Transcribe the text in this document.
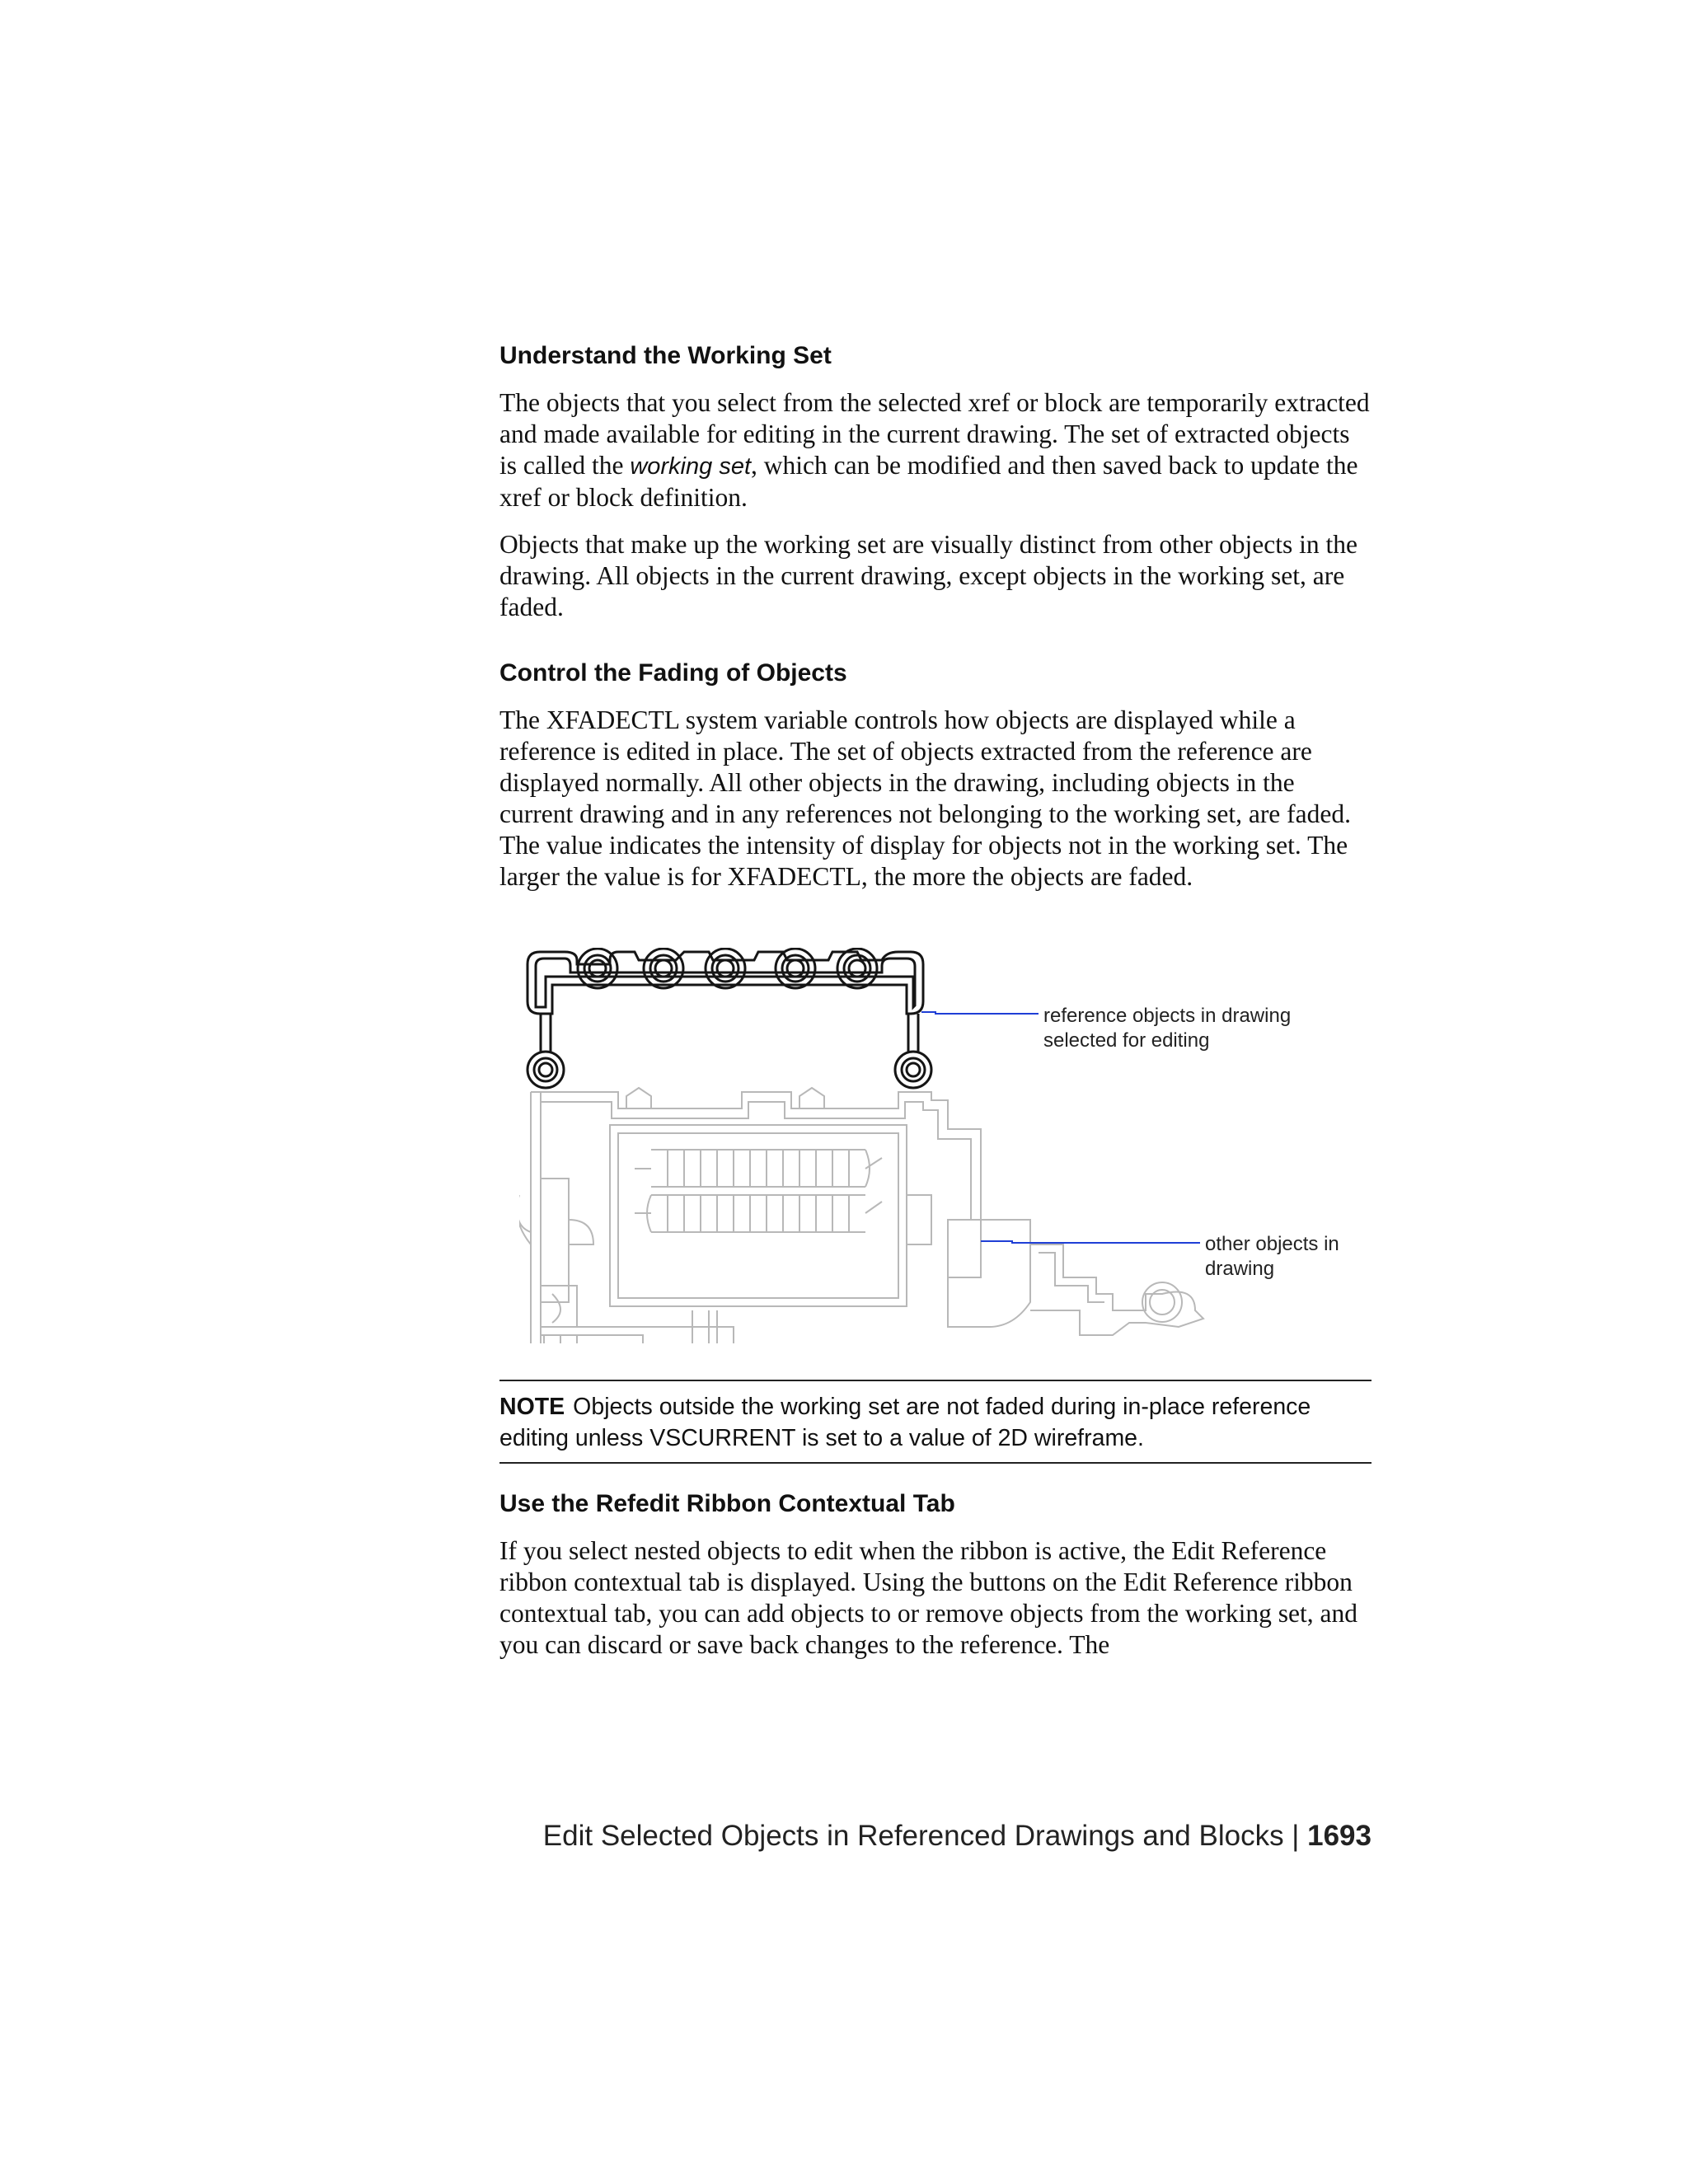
Understand the Working Set

The objects that you select from the selected xref or block are temporarily extracted and made available for editing in the current drawing. The set of extracted objects is called the working set, which can be modified and then saved back to update the xref or block definition.

Objects that make up the working set are visually distinct from other objects in the drawing. All objects in the current drawing, except objects in the working set, are faded.

Control the Fading of Objects

The XFADECTL system variable controls how objects are displayed while a reference is edited in place. The set of objects extracted from the reference are displayed normally. All other objects in the drawing, including objects in the current drawing and in any references not belonging to the working set, are faded. The value indicates the intensity of display for objects not in the working set. The larger the value is for XFADECTL, the more the objects are faded.

reference objects in drawing
selected for editing
other objects in
drawing
NOTE Objects outside the working set are not faded during in-place reference editing unless VSCURRENT is set to a value of 2D wireframe.
Use the Refedit Ribbon Contextual Tab

If you select nested objects to edit when the ribbon is active, the Edit Reference ribbon contextual tab is displayed. Using the buttons on the Edit Reference ribbon contextual tab, you can add objects to or remove objects from the working set, and you can discard or save back changes to the reference. The

Edit Selected Objects in Referenced Drawings and Blocks | 1693
